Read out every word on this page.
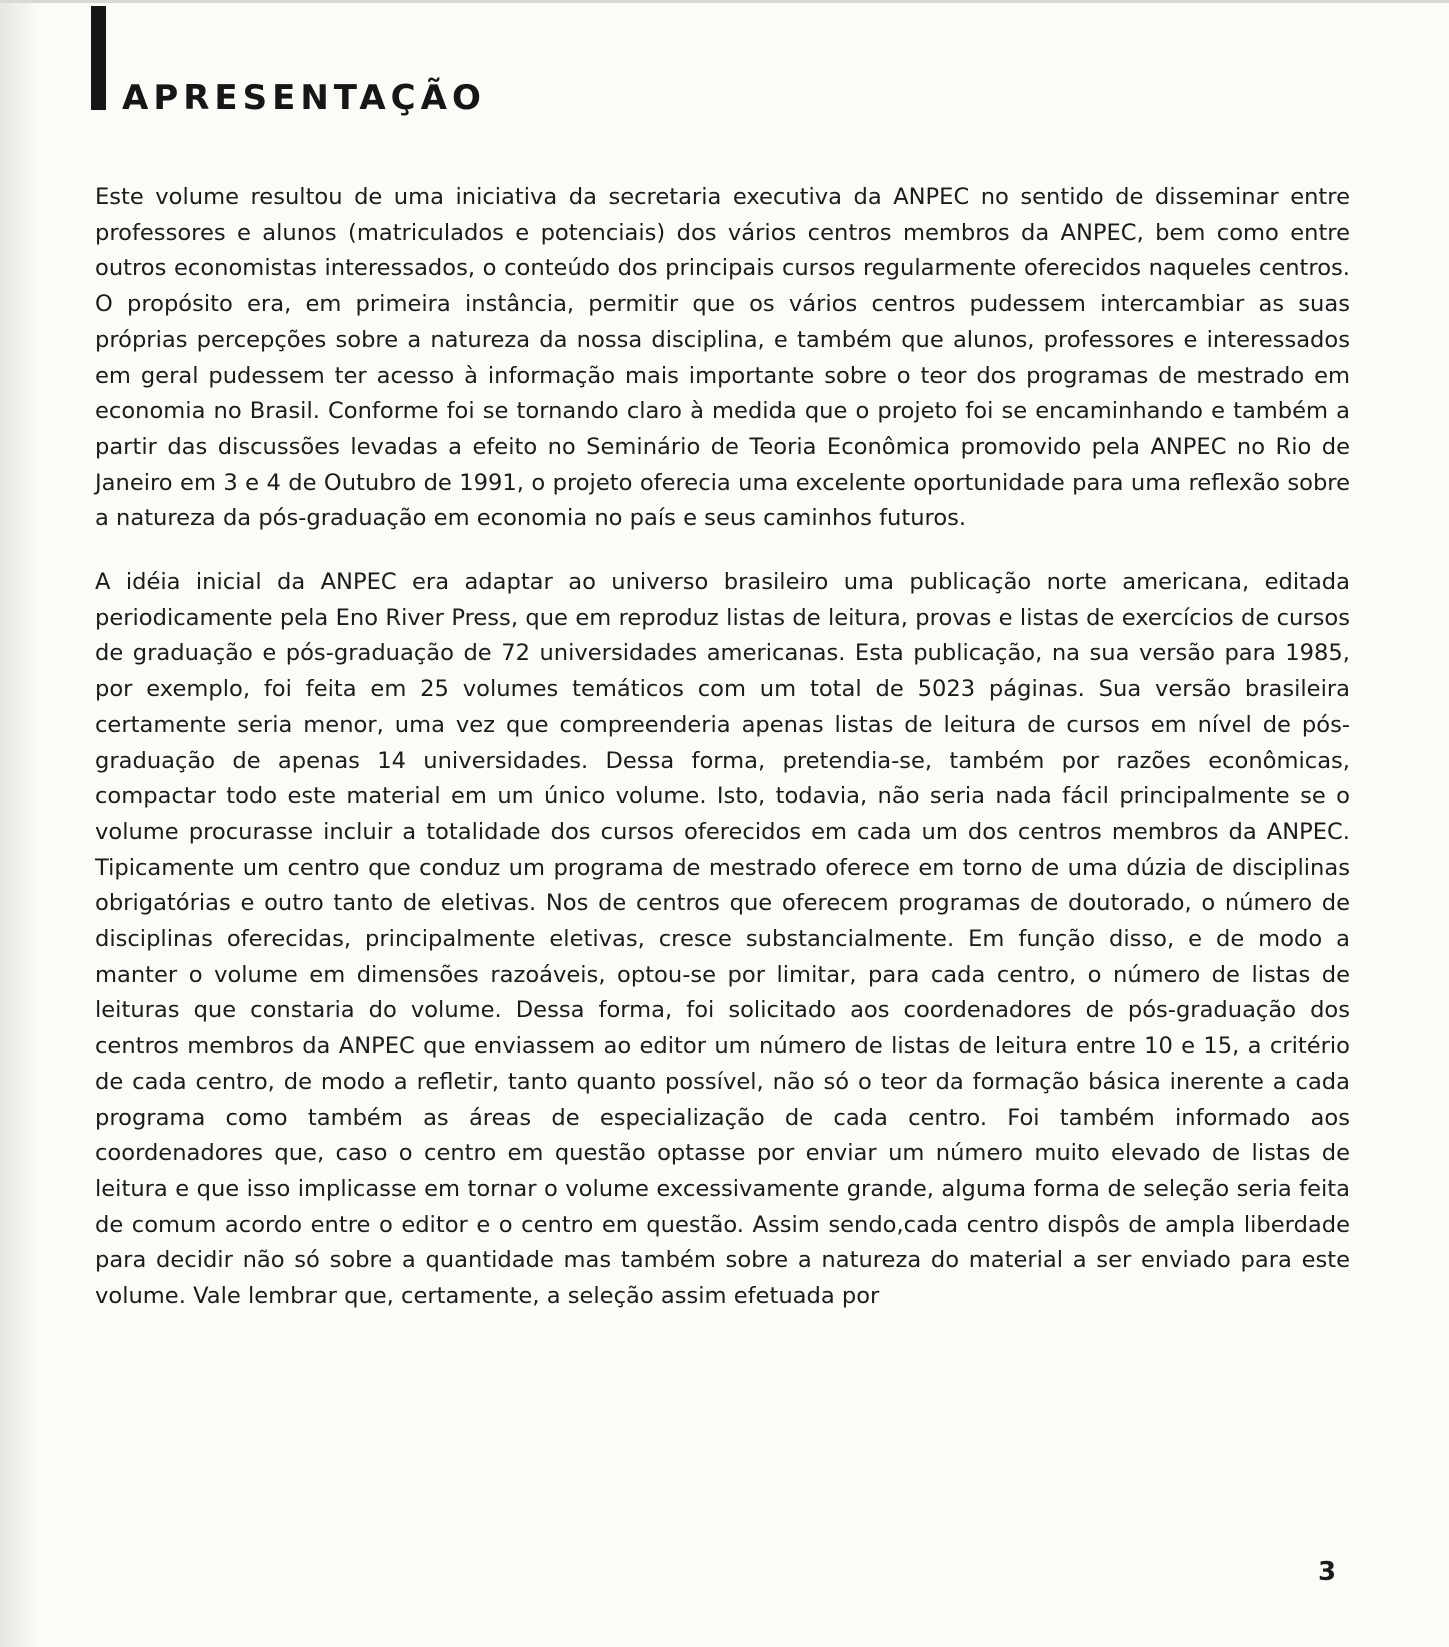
APRESENTAÇÃO

Este volume resultou de uma iniciativa da secretaria executiva da ANPEC no sentido de disseminar entre professores e alunos (matriculados e potenciais) dos vários centros membros da ANPEC, bem como entre outros economistas interessados, o conteúdo dos principais cursos regularmente oferecidos naqueles centros. O propósito era, em primeira instância, permitir que os vários centros pudessem intercambiar as suas próprias percepções sobre a natureza da nossa disciplina, e também que alunos, professores e interessados em geral pudessem ter acesso à informação mais importante sobre o teor dos programas de mestrado em economia no Brasil. Conforme foi se tornando claro à medida que o projeto foi se encaminhando e também a partir das discussões levadas a efeito no Seminário de Teoria Econômica promovido pela ANPEC no Rio de Janeiro em 3 e 4 de Outubro de 1991, o projeto oferecia uma excelente oportunidade para uma reflexão sobre a natureza da pós-graduação em economia no país e seus caminhos futuros.

A idéia inicial da ANPEC era adaptar ao universo brasileiro uma publicação norte americana, editada periodicamente pela Eno River Press, que em reproduz listas de leitura, provas e listas de exercícios de cursos de graduação e pós-graduação de 72 universidades americanas. Esta publicação, na sua versão para 1985, por exemplo, foi feita em 25 volumes temáticos com um total de 5023 páginas. Sua versão brasileira certamente seria menor, uma vez que compreenderia apenas listas de leitura de cursos em nível de pós-graduação de apenas 14 universidades. Dessa forma, pretendia-se, também por razões econômicas, compactar todo este material em um único volume. Isto, todavia, não seria nada fácil principalmente se o volume procurasse incluir a totalidade dos cursos oferecidos em cada um dos centros membros da ANPEC. Tipicamente um centro que conduz um programa de mestrado oferece em torno de uma dúzia de disciplinas obrigatórias e outro tanto de eletivas. Nos de centros que oferecem programas de doutorado, o número de disciplinas oferecidas, principalmente eletivas, cresce substancialmente. Em função disso, e de modo a manter o volume em dimensões razoáveis, optou-se por limitar, para cada centro, o número de listas de leituras que constaria do volume. Dessa forma, foi solicitado aos coordenadores de pós-graduação dos centros membros da ANPEC que enviassem ao editor um número de listas de leitura entre 10 e 15, a critério de cada centro, de modo a refletir, tanto quanto possível, não só o teor da formação básica inerente a cada programa como também as áreas de especialização de cada centro. Foi também informado aos coordenadores que, caso o centro em questão optasse por enviar um número muito elevado de listas de leitura e que isso implicasse em tornar o volume excessivamente grande, alguma forma de seleção seria feita de comum acordo entre o editor e o centro em questão. Assim sendo,cada centro dispôs de ampla liberdade para decidir não só sobre a quantidade mas também sobre a natureza do material a ser enviado para este volume. Vale lembrar que, certamente, a seleção assim efetuada por

3
